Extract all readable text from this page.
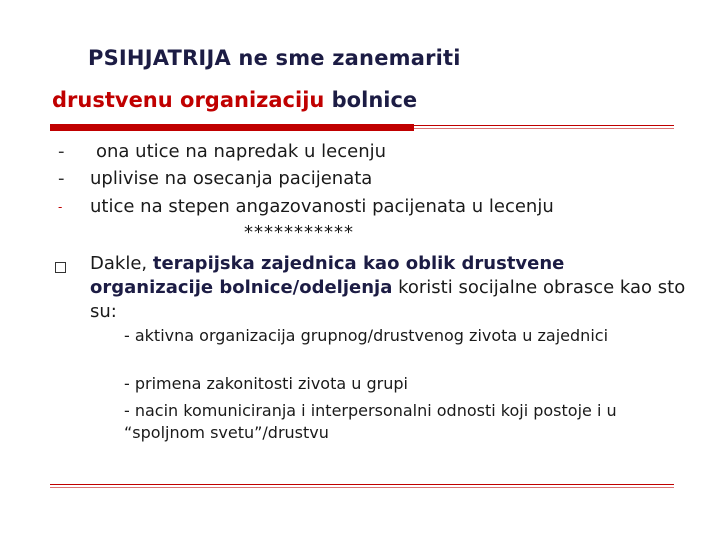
PSIHJATRIJA ne sme zanemariti
drustvenu organizaciju bolnice
- ona utice na napredak u lecenju
- uplivise na osecanja pacijenata
- utice na stepen angazovanosti pacijenata u lecenju
***********
Dakle, terapijska zajednica kao oblik drustvene organizacije bolnice/odeljenja koristi socijalne obrasce kao sto su:
- aktivna organizacija grupnog/drustvenog zivota u zajednici
- primena zakonitosti zivota u grupi
- nacin komuniciranja i interpersonalni odnosti koji postoje i u “spoljnom svetu”/drustvu
